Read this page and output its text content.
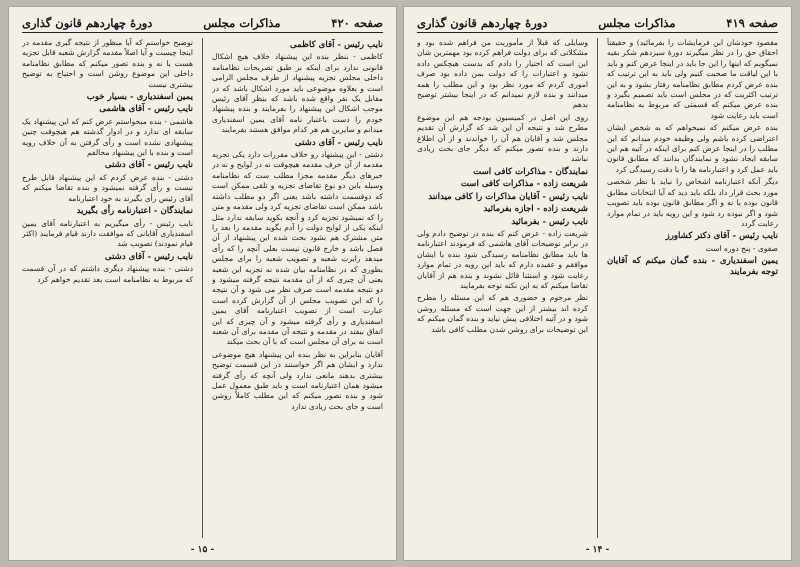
صفحه ۴۲۰
مذاکرات مجلس
دورهٔ چهاردهم قانون گذاری
نایب رئیس - آقای کاظمی
کاظمی - بنظر بنده این پیشنهاد خلاف هیچ اشکال قانونی ندارد برای اینکه بر طبق تصریحات نظامنامه داخلی مجلس تجزیه پیشنهاد از طرف مجلس الزامی است و بعلاوه موضوعی باید مورد اشکال باشد که در مقابل یک نفر واقع شده باشد که بنظر آقای رئیس موجب اشکال این پیشنهاد را بفرمایند و بنده پیشنهاد خودم را دست باعتبار نامه آقای یمین اسفندیاری میدانم و سایرین هم هر کدام موافق هستند بفرمایند
نایب رئیس - آقای دشتی
دشتی - این پیشنهاد رو خلاف مقررات دارد یکی تجزیه مقدمه از آن حرف مقدمه هیچوقت نه در لوایح و نه در خبرهای دیگر مقدمه مجزا مطلب ست که نظامنامه وسیله باین دو نوع تقاضای تجزیه و تلقی ممکن است که دوقسمت داشته باشد یعنی اگر دو مطلب داشته باشد ممکن است تقاضای تجزیه کرد ولی مقدمه و متن را که نمیشود تجزیه کرد و آنچه بکوید سابقه ندارد مثل اینکه یکی از لوایح دولت را آدم بگوید مقدمه را بعد را متن مشترک هم بشود بحث شده این پیشنهاد از آن فصل باشد و خارج قانون نیست بعلی آنچه را که رأی میدهد رایرت شعبه و تصویب شعبه را برای مجلس بطوری که در نظامنامه بیان شده نه تجزیه این شعبه یعنی آن چیزی که از آن مقدمه نتیجه گرفته میشود و دو نتیجه مقدمه است صرف نظر می شود و آن نتیجه را که این تصویب مجلس از آن گزارش کرده است عبارت است از تصویب اعتبارنامه آقای یمین اسفندیاری و رأی گرفته میشود و آن چیزی که این اتفاق بیفتد در مقدمه و نتیجه آن مقدمه برای آن شعبه است نه برای آن مجلس است که با آن بحث میکند
آقایان بنابراین به نظر بنده این پیشنهاد هیچ موضوعی ندارد و ایشان هم اگر خواستند در این قسمت توضیح بیشتری بدهند مانعی ندارد ولی آنچه که رأی گرفته میشود همان اعتبارنامه است و باید طبق معمول عمل شود و بنده تصور میکنم که این مطلب کاملاً روشن است و جای بحث زیادی ندارد
توضیح خواستم که آیا منظور از نتیجه گیری مقدمه در اینجا چیست و آیا اصلاً مقدمه گزارش شعبه قابل تجزیه هست یا نه و بنده تصور میکنم که مطابق نظامنامه داخلی این موضوع روشن است و احتیاج به توضیح بیشتری نیست
یمین اسفندیاری - بسیار خوب
نایب رئیس - آقای هاشمی
هاشمی - بنده میخواستم عرض کنم که این پیشنهاد یک سابقه ای ندارد و در ادوار گذشته هم هیچوقت چنین پیشنهادی نشده است و رأی گرفتن به آن خلاف رویه است و بنده با این پیشنهاد مخالفم
نایب رئیس - آقای دشتی
دشتی - بنده عرض کردم که این پیشنهاد قابل طرح نیست و رأی گرفته نمیشود و بنده تقاضا میکنم که آقای رئیس رأی بگیرند به خود اعتبارنامه
نمایندگان - اعتبارنامه رأی بگیرید
نایب رئیس - رأی میگیریم به اعتبارنامه آقای یمین اسفندیاری آقایانی که موافقت دارند قیام فرمایند (اکثر قیام نمودند) تصویب شد
نایب رئیس - آقای دشتی
دشتی - بنده پیشنهاد دیگری داشتم که در آن قسمت که مربوط به نظامنامه است بعد تقدیم خواهم کرد
- ۱۵ -
صفحه ۴۱۹
مذاکرات مجلس
دورهٔ چهاردهم قانون گذاری
مقصود خودشان این فرمایشات را بفرمائید) و حقیقتاً احقاق حق را در نظر میگیرند دورهٔ سیزدهم شکر بقیه نمیگویم که اینها را این جا باید در اینجا عرض کنم و باید با این لیاقت ما صحبت کنیم ولی باید به این ترتیب که بنده عرض کردم مطابق نظامنامه رفتار بشود و به این ترتیب اکثریت که در مجلس است باید تصمیم بگیرد و بنده عرض میکنم که قسمتی که مربوط به نظامنامه است باید رعایت شود
بنده عرض میکنم که نمیخواهم که به شخص ایشان اعتراضی کرده باشم ولی وظیفه خودم میدانم که این مطلب را در اینجا عرض کنم برای اینکه در آتیه هم این سابقه ایجاد نشود و نمایندگان بدانند که مطابق قانون باید عمل کرد و اعتبارنامه ها را با دقت رسیدگی کرد
دیگر آنکه اعتبارنامه اشخاص را نباید با نظر شخصی مورد بحث قرار داد بلکه باید دید که آیا انتخابات مطابق قانون بوده یا نه و اگر مطابق قانون بوده باید تصویب شود و اگر نبوده رد شود و این رویه باید در تمام موارد رعایت گردد
نایب رئیس - آقای دکتر کشاورز
صفوی - پنج دوره است
یمین اسفندیاری - بنده گمان میکنم که آقایان توجه بفرمایند
وسایلی که قبلاً از مأموریت من فراهم شده بود و مشکلاتی که برای دولت فراهم کرده بود مهمترین شان این است که اختیار را دادم که بدست هیچکس داده نشود و اعتبارات را که دولت بمن داده بود صرف اموری کردم که مورد نظر بود و این مطلب را همه میدانند و بنده لازم نمیدانم که در اینجا بیشتر توضیح بدهم
روی این اصل در کمیسیون بودجه هم این موضوع مطرح شد و نتیجه آن این شد که گزارش آن تقدیم مجلس شد و آقایان هم آن را خواندند و از آن اطلاع دارند و بنده تصور میکنم که دیگر جای بحث زیادی نباشد
نمایندگان - مذاکرات کافی است
شریعت زاده - مذاکرات کافی است
نایب رئیس - آقایان مذاکرات را کافی میدانند
شریعت زاده - اجازه بفرمائید
نایب رئیس - بفرمائید
شریعت زاده - عرض کنم که بنده در توضیح دادم ولی در برابر توضیحات آقای هاشمی که فرمودند اعتبارنامه ها باید مطابق نظامنامه رسیدگی شود بنده با ایشان موافقم و عقیده دارم که باید این رویه در تمام موارد رعایت شود و استثنا قائل نشوند و بنده هم از آقایان تقاضا میکنم که به این نکته توجه بفرمایند
نظر مرحوم و حضوری هم که این مسئله را مطرح کرده اند بیشتر از این جهت است که مسئله روشن شود و در آتیه اختلافی پیش نیاید و بنده گمان میکنم که این توضیحات برای روشن شدن مطلب کافی باشد
- ۱۴ -
